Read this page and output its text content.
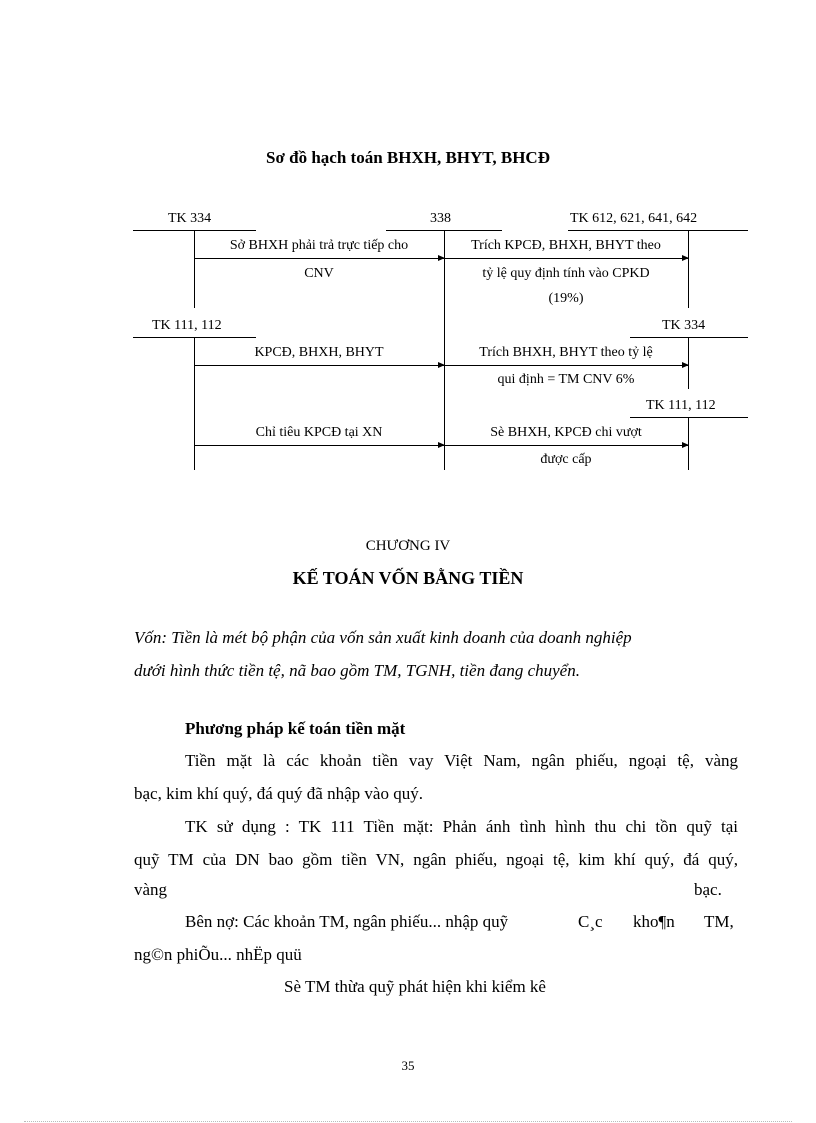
Sơ đồ hạch toán BHXH, BHYT, BHCĐ
TK 334	338	TK 612, 621, 641, 642
Sở BHXH phải trả trực tiếp cho
CNV
Trích KPCĐ, BHXH, BHYT theo
tỷ lệ quy định tính vào CPKD
(19%)
TK 111, 112	TK 334
KPCĐ, BHXH, BHYT	Trích BHXH, BHYT theo tỷ lệ
qui định = TM CNV 6%
TK 111, 112
Chỉ tiêu KPCĐ tại XN	Sè BHXH, KPCĐ chi vượt
được cấp
CHƯƠNG IV
KẾ TOÁN VỐN BẰNG TIỀN
Vốn: Tiền là mét bộ phận của vốn sản xuất kinh doanh của doanh nghiệp
dưới hình thức tiền tệ, nã bao gồm TM, TGNH, tiền đang chuyển.
Phương pháp kế toán tiền mặt
Tiền mặt là các khoản tiền vay Việt Nam, ngân phiếu, ngoại tệ, vàng
bạc, kim khí quý, đá quý đã nhập vào quý.
TK sử dụng : TK 111 Tiền mặt: Phản ánh tình hình thu chi tồn quỹ tại
quỹ TM của DN bao gồm tiền VN, ngân phiếu, ngoại tệ, kim khí quý, đá quý,
vàng	bạc.
Bên nợ: Các khoản TM, ngân phiếu... nhập quỹ	C¸c kho¶n TM,
ng©n phiÕu... nhËp quü
Sè TM thừa quỹ phát hiện khi kiểm kê
35
